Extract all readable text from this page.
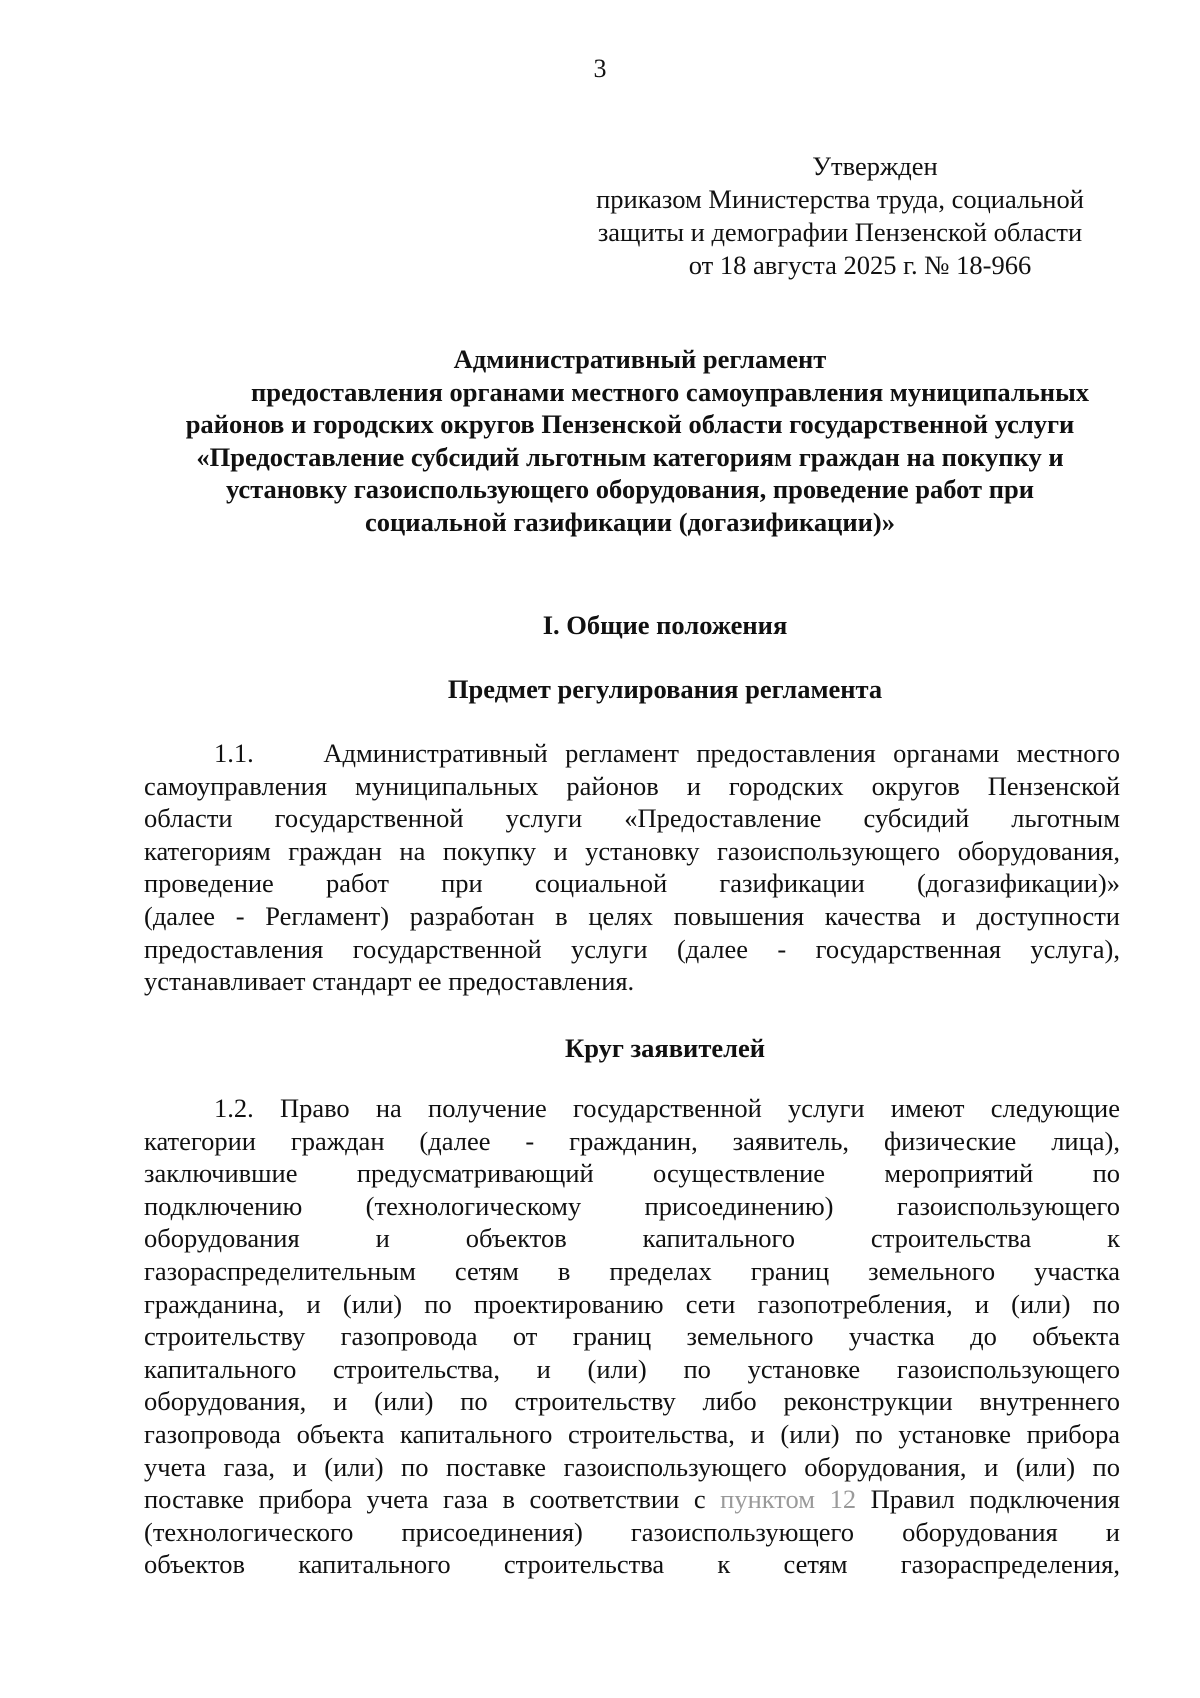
3
Утвержден
приказом Министерства труда, социальной
защиты и демографии Пензенской области
от 18 августа 2025 г. № 18-966
Административный регламент
предоставления органами местного самоуправления муниципальных
районов и городских округов Пензенской области государственной услуги
«Предоставление субсидий льготным категориям граждан на покупку и
установку газоиспользующего оборудования, проведение работ при
социальной газификации (догазификации)»
I. Общие положения
Предмет регулирования регламента
1.1.    Административный регламент предоставления органами местного
самоуправления муниципальных районов и городских округов Пензенской
области государственной услуги «Предоставление субсидий льготным
категориям граждан на покупку и установку газоиспользующего оборудования,
проведение работ при социальной газификации (догазификации)»
(далее - Регламент) разработан в целях повышения качества и доступности
предоставления государственной услуги (далее - государственная услуга),
устанавливает стандарт ее предоставления.
Круг заявителей
1.2. Право на получение государственной услуги имеют следующие
категории граждан (далее - гражданин, заявитель, физические лица),
заключившие предусматривающий осуществление мероприятий по
подключению (технологическому присоединению) газоиспользующего
оборудования и объектов капитального строительства к
газораспределительным сетям в пределах границ земельного участка
гражданина, и (или) по проектированию сети газопотребления, и (или) по
строительству газопровода от границ земельного участка до объекта
капитального строительства, и (или) по установке газоиспользующего
оборудования, и (или) по строительству либо реконструкции внутреннего
газопровода объекта капитального строительства, и (или) по установке прибора
учета газа, и (или) по поставке газоиспользующего оборудования, и (или) по
поставке прибора учета газа в соответствии с пунктом 12 Правил подключения
(технологического присоединения) газоиспользующего оборудования и
объектов капитального строительства к сетям газораспределения,
